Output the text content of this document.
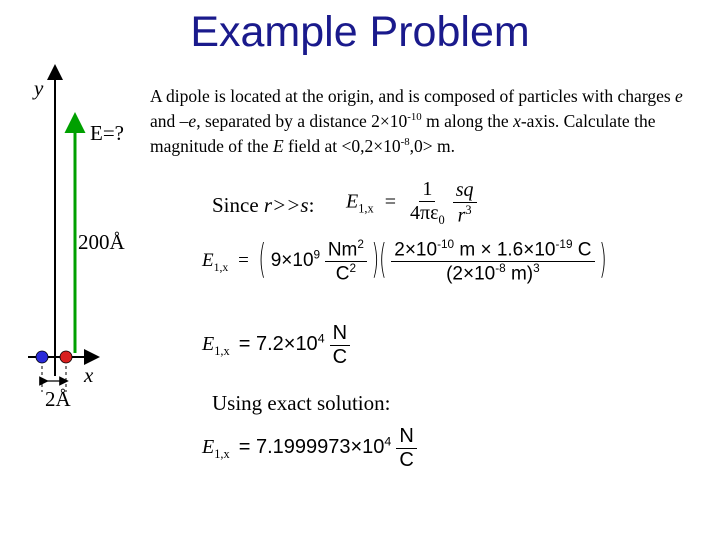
Example Problem
y
x
E=?
200Å
2Å
A dipole is located at the origin, and is composed of particles with charges e and –e, separated by a distance $2\times 10^{-10}$ m along the x-axis. Calculate the magnitude of the E field at $<0,2\times 10^{-8},0> m$.
Since r>>s: $E_{1,x} = \frac{1}{4\pi\varepsilon_0}$
$\frac{sq}{r^3}$
$E_{1,x}$ = ( $9\times 10^9 \frac{Nm^2}{C^2}$ )( $\frac{2\times 10^{-10} m \times 1.6\times 10^{-19} C}{(2\times 10^{-8} m)^3}$ )
$E_{1,x} = 7.2\times 10^4 \frac{N}{C}$
Using exact solution:
$E_{1,x} = 7.1999973\times 10^4 \frac{N}{C}$
